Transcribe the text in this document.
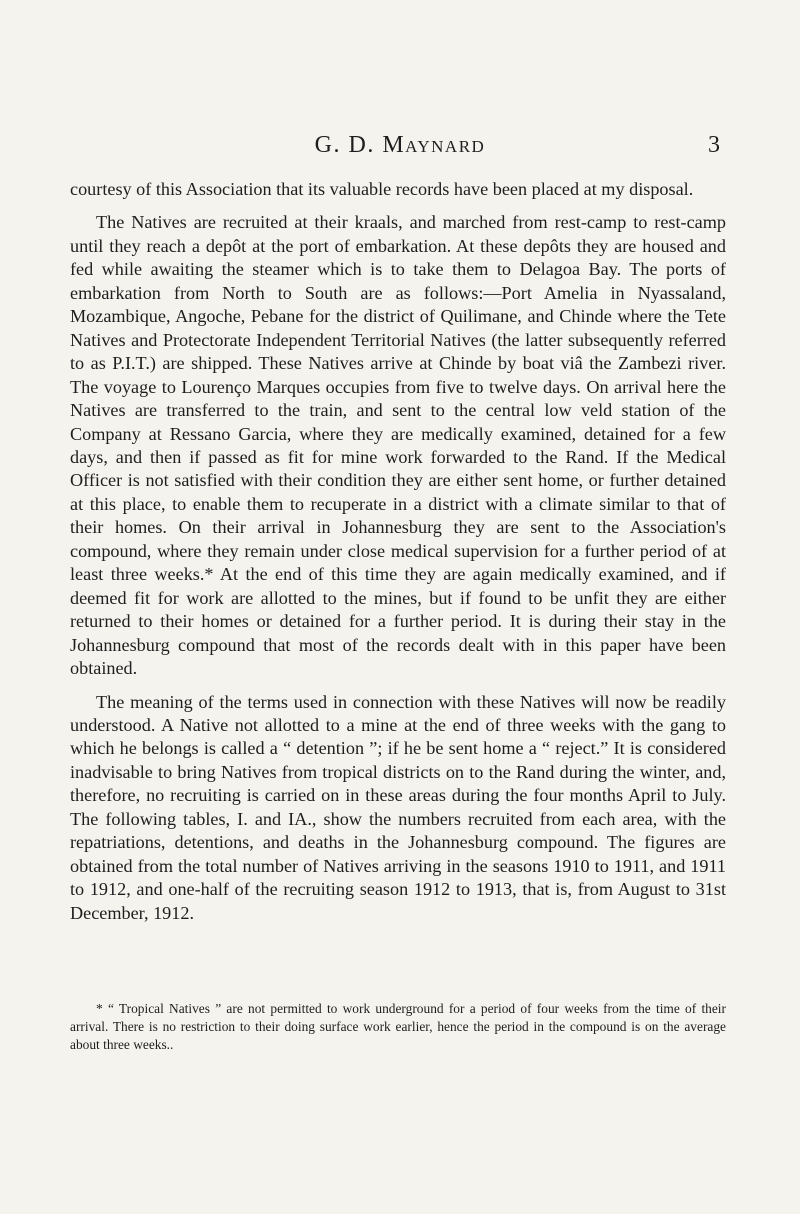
G. D. Maynard	3

courtesy of this Association that its valuable records have been placed at my disposal.

The Natives are recruited at their kraals, and marched from rest-camp to rest-camp until they reach a depôt at the port of embarkation. At these depôts they are housed and fed while awaiting the steamer which is to take them to Delagoa Bay. The ports of embarkation from North to South are as follows:—Port Amelia in Nyassaland, Mozambique, Angoche, Pebane for the district of Quilimane, and Chinde where the Tete Natives and Protectorate Independent Territorial Natives (the latter subsequently referred to as P.I.T.) are shipped. These Natives arrive at Chinde by boat viâ the Zambezi river. The voyage to Lourenço Marques occupies from five to twelve days. On arrival here the Natives are transferred to the train, and sent to the central low veld station of the Company at Ressano Garcia, where they are medically examined, detained for a few days, and then if passed as fit for mine work forwarded to the Rand. If the Medical Officer is not satisfied with their condition they are either sent home, or further detained at this place, to enable them to recuperate in a district with a climate similar to that of their homes. On their arrival in Johannesburg they are sent to the Association's compound, where they remain under close medical supervision for a further period of at least three weeks.* At the end of this time they are again medically examined, and if deemed fit for work are allotted to the mines, but if found to be unfit they are either returned to their homes or detained for a further period. It is during their stay in the Johannesburg compound that most of the records dealt with in this paper have been obtained.

The meaning of the terms used in connection with these Natives will now be readily understood. A Native not allotted to a mine at the end of three weeks with the gang to which he belongs is called a “ detention ”; if he be sent home a “ reject.” It is considered inadvisable to bring Natives from tropical districts on to the Rand during the winter, and, therefore, no recruiting is carried on in these areas during the four months April to July. The following tables, I. and IA., show the numbers recruited from each area, with the repatriations, detentions, and deaths in the Johannesburg compound. The figures are obtained from the total number of Natives arriving in the seasons 1910 to 1911, and 1911 to 1912, and one-half of the recruiting season 1912 to 1913, that is, from August to 31st December, 1912.

* “ Tropical Natives ” are not permitted to work underground for a period of four weeks from the time of their arrival. There is no restriction to their doing surface work earlier, hence the period in the compound is on the average about three weeks..
